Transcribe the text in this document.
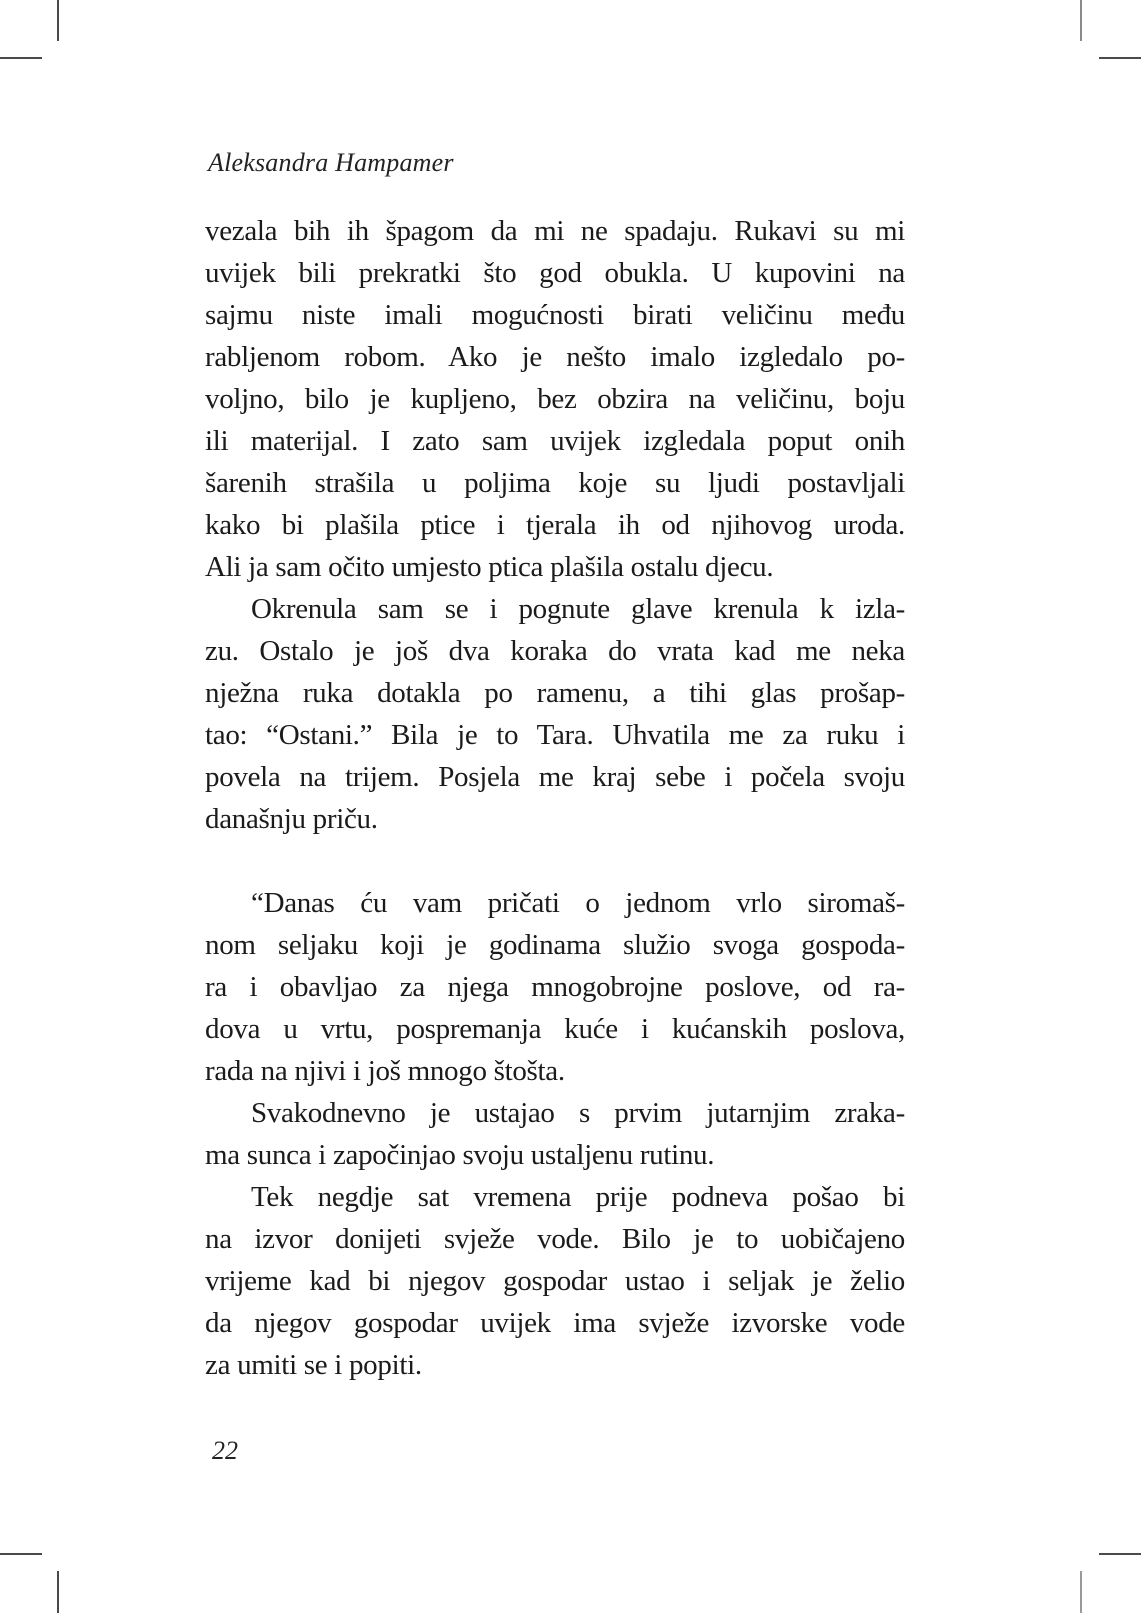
Aleksandra Hampamer
vezala bih ih špagom da mi ne spadaju. Rukavi su mi
uvijek bili prekratki što god obukla. U kupovini na
sajmu niste imali mogućnosti birati veličinu među
rabljenom robom. Ako je nešto imalo izgledalo po-
voljno, bilo je kupljeno, bez obzira na veličinu, boju
ili materijal. I zato sam uvijek izgledala poput onih
šarenih strašila u poljima koje su ljudi postavljali
kako bi plašila ptice i tjerala ih od njihovog uroda.
Ali ja sam očito umjesto ptica plašila ostalu djecu.
Okrenula sam se i pognute glave krenula k izla-
zu. Ostalo je još dva koraka do vrata kad me neka
nježna ruka dotakla po ramenu, a tihi glas prošap-
tao: “Ostani.” Bila je to Tara. Uhvatila me za ruku i
povela na trijem. Posjela me kraj sebe i počela svoju
današnju priču.
“Danas ću vam pričati o jednom vrlo siromaš-
nom seljaku koji je godinama služio svoga gospoda-
ra i obavljao za njega mnogobrojne poslove, od ra-
dova u vrtu, pospremanja kuće i kućanskih poslova,
rada na njivi i još mnogo štošta.
Svakodnevno je ustajao s prvim jutarnjim zraka-
ma sunca i započinjao svoju ustaljenu rutinu.
Tek negdje sat vremena prije podneva pošao bi
na izvor donijeti svježe vode. Bilo je to uobičajeno
vrijeme kad bi njegov gospodar ustao i seljak je želio
da njegov gospodar uvijek ima svježe izvorske vode
za umiti se i popiti.
22
